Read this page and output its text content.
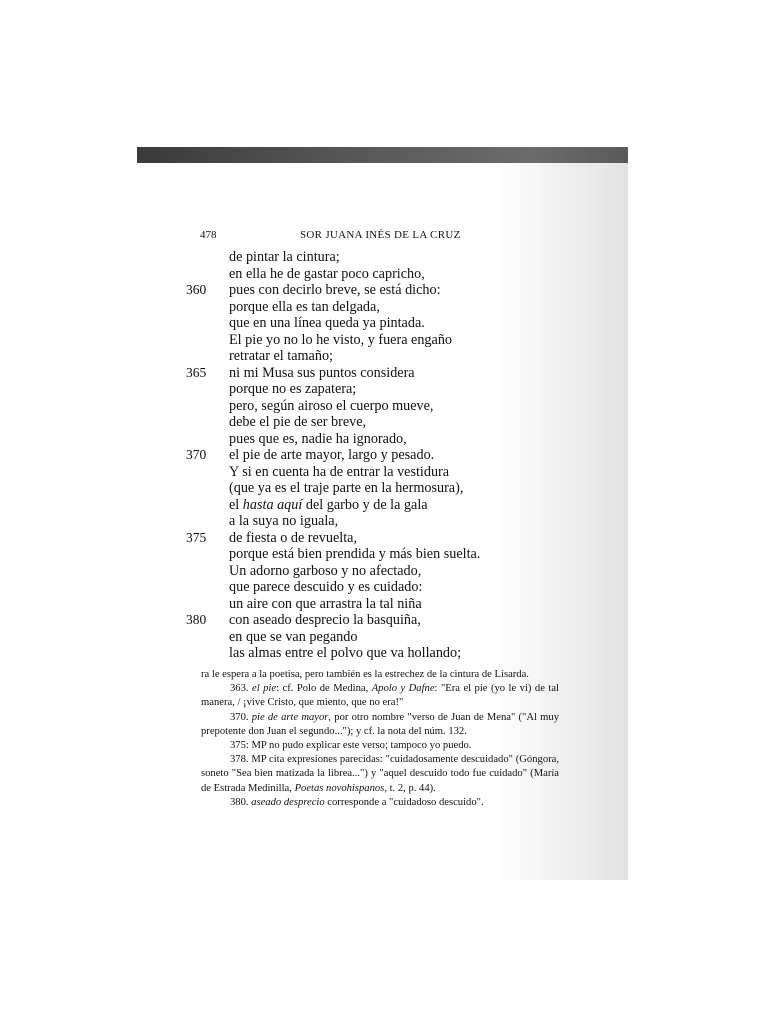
478	SOR JUANA INÉS DE LA CRUZ
de pintar la cintura;
en ella he de gastar poco capricho,
360 pues con decirlo breve, se está dicho:
porque ella es tan delgada,
que en una línea queda ya pintada.
El pie yo no lo he visto, y fuera engaño
retratar el tamaño;
365 ni mi Musa sus puntos considera
porque no es zapatera;
pero, según airoso el cuerpo mueve,
debe el pie de ser breve,
pues que es, nadie ha ignorado,
370 el pie de arte mayor, largo y pesado.
Y si en cuenta ha de entrar la vestidura
(que ya es el traje parte en la hermosura),
el hasta aquí del garbo y de la gala
a la suya no iguala,
375 de fiesta o de revuelta,
porque está bien prendida y más bien suelta.
Un adorno garboso y no afectado,
que parece descuido y es cuidado:
un aire con que arrastra la tal niña
380 con aseado desprecio la basquiña,
en que se van pegando
las almas entre el polvo que va hollando;

ra le espera a la poetisa, pero también es la estrechez de la cintura de Lisarda.

363. el pie: cf. Polo de Medina, Apolo y Dafne: "Era el pie (yo le vi) de tal manera, / ¡vive Cristo, que miento, que no era!"

370. pie de arte mayor, por otro nombre "verso de Juan de Mena" ("Al muy prepotente don Juan el segundo..."); y cf. la nota del núm. 132.

375: MP no pudo explicar este verso; tampoco yo puedo.

378. MP cita expresiones parecidas: "cuidadosamente descuidado" (Góngora, soneto "Sea bien matizada la librea...") y "aquel descuido todo fue cuidado" (María de Estrada Medinilla, Poetas novohispanos, t. 2, p. 44).

380. aseado desprecio corresponde a "cuidadoso descuido".
